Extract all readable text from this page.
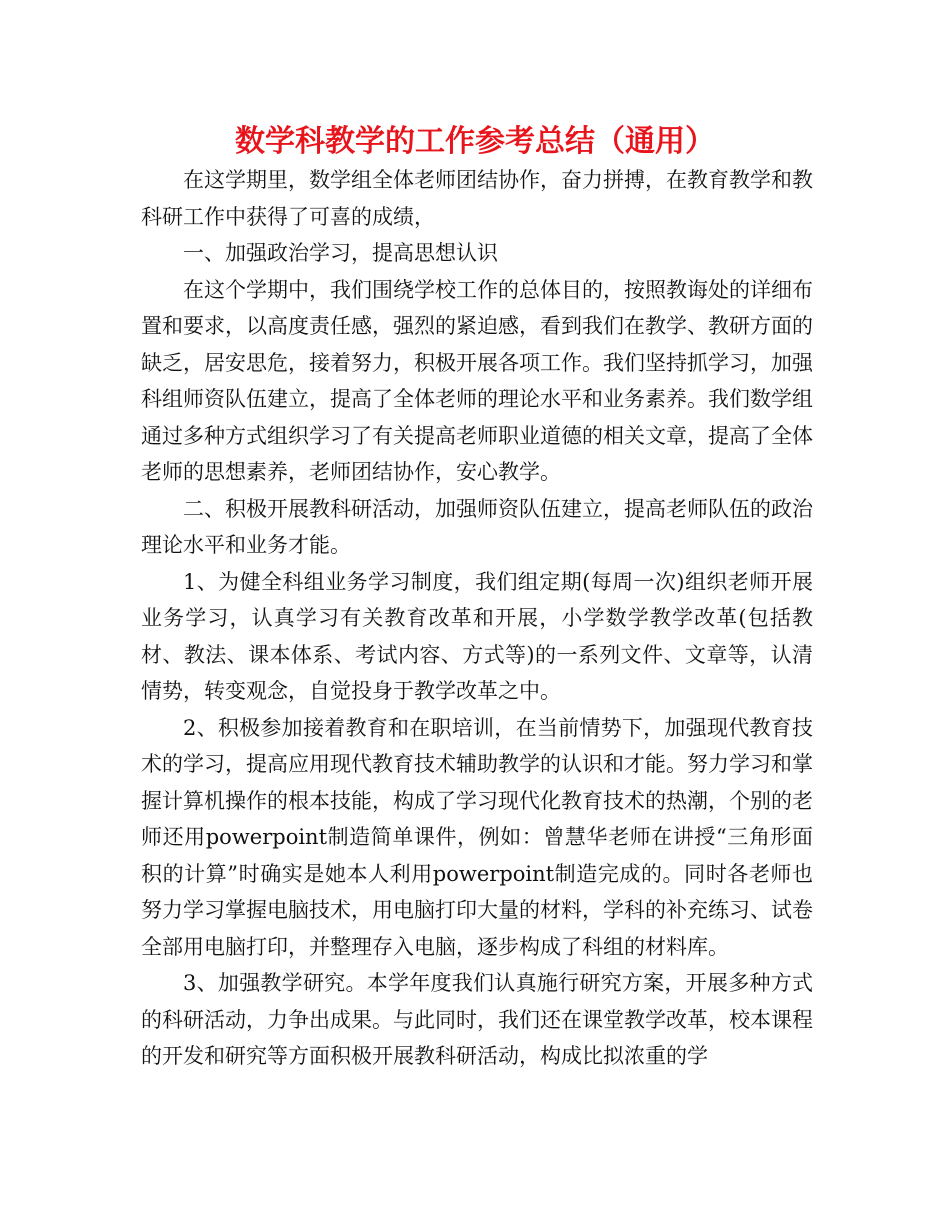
数学科教学的工作参考总结（通用）

在这学期里，数学组全体老师团结协作，奋力拼搏，在教育教学和教科研工作中获得了可喜的成绩，

一、加强政治学习，提高思想认识

在这个学期中，我们围绕学校工作的总体目的，按照教诲处的详细布置和要求，以高度责任感，强烈的紧迫感，看到我们在教学、教研方面的缺乏，居安思危，接着努力，积极开展各项工作。我们坚持抓学习，加强科组师资队伍建立，提高了全体老师的理论水平和业务素养。我们数学组通过多种方式组织学习了有关提高老师职业道德的相关文章，提高了全体老师的思想素养，老师团结协作，安心教学。

二、积极开展教科研活动，加强师资队伍建立，提高老师队伍的政治理论水平和业务才能。

1、为健全科组业务学习制度，我们组定期(每周一次)组织老师开展业务学习，认真学习有关教育改革和开展，小学数学教学改革(包括教材、教法、课本体系、考试内容、方式等)的一系列文件、文章等，认清情势，转变观念，自觉投身于教学改革之中。

2、积极参加接着教育和在职培训，在当前情势下，加强现代教育技术的学习，提高应用现代教育技术辅助教学的认识和才能。努力学习和掌握计算机操作的根本技能，构成了学习现代化教育技术的热潮，个别的老师还用powerpoint制造简单课件，例如：曾慧华老师在讲授“三角形面积的计算”时确实是她本人利用powerpoint制造完成的。同时各老师也努力学习掌握电脑技术，用电脑打印大量的材料，学科的补充练习、试卷全部用电脑打印，并整理存入电脑，逐步构成了科组的材料库。

3、加强教学研究。本学年度我们认真施行研究方案，开展多种方式的科研活动，力争出成果。与此同时，我们还在课堂教学改革，校本课程的开发和研究等方面积极开展教科研活动，构成比拟浓重的学
